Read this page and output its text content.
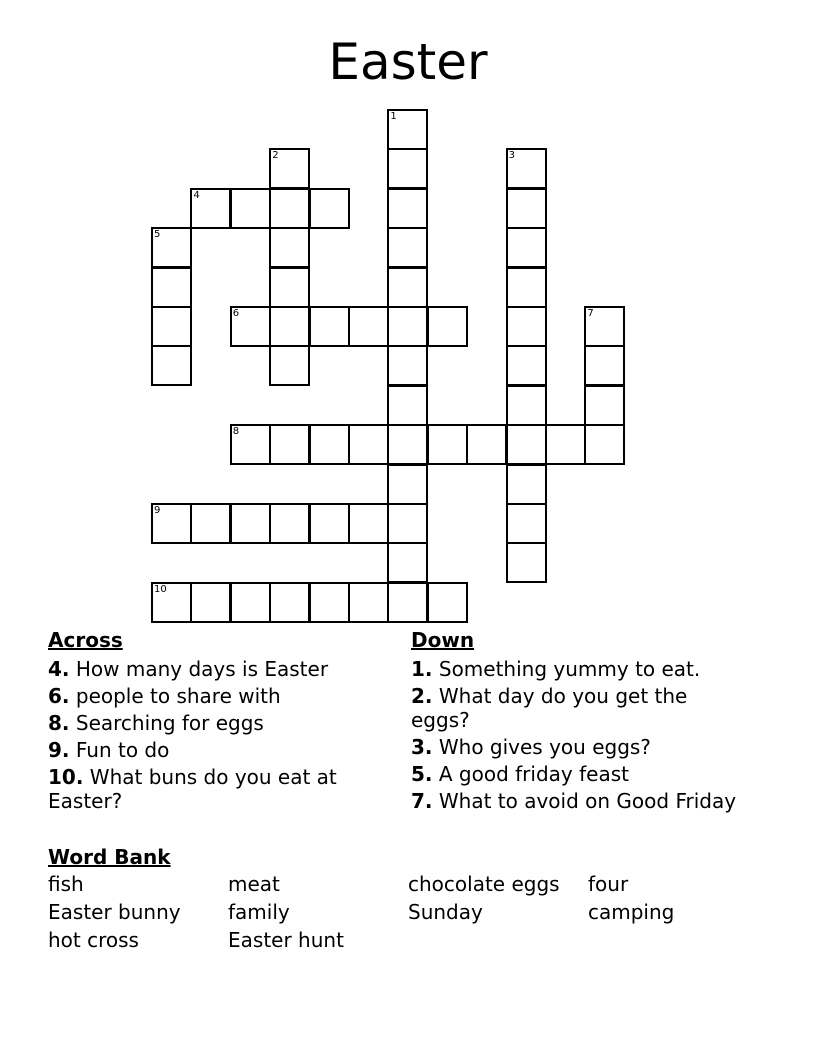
Easter
1
2	3
4
5
6	7
8
9
10
Across
4. How many days is Easter
6. people to share with
8. Searching for eggs
9. Fun to do
10. What buns do you eat at Easter?
Down
1. Something yummy to eat.
2. What day do you get the eggs?
3. Who gives you eggs?
5. A good friday feast
7. What to avoid on Good Friday
Word Bank
fish	meat	chocolate eggs	four
Easter bunny	family	Sunday	camping
hot cross	Easter hunt
